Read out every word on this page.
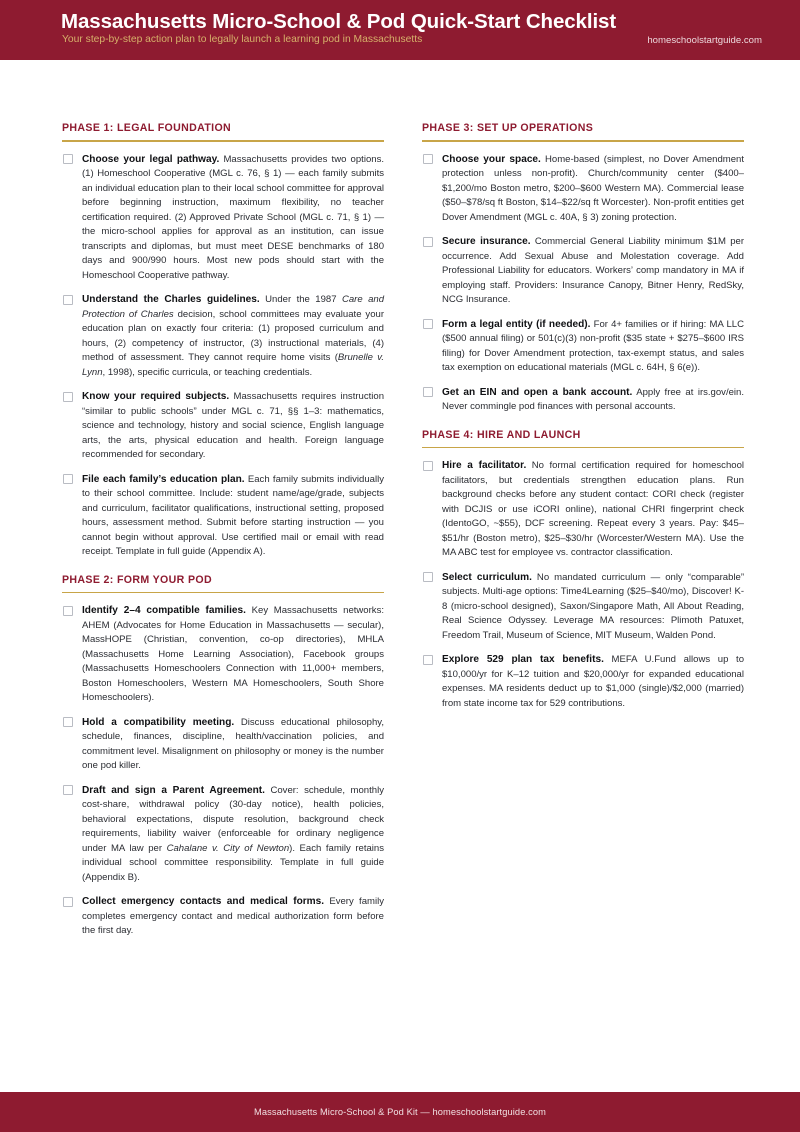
Massachusetts Micro-School & Pod Quick-Start Checklist
Your step-by-step action plan to legally launch a learning pod in Massachusetts	homeschoolstartguide.com
PHASE 1: LEGAL FOUNDATION
Choose your legal pathway. Massachusetts provides two options. (1) Homeschool Cooperative (MGL c. 76, § 1) — each family submits an individual education plan to their local school committee for approval before beginning instruction, maximum flexibility, no teacher certification required. (2) Approved Private School (MGL c. 71, § 1) — the micro-school applies for approval as an institution, can issue transcripts and diplomas, but must meet DESE benchmarks of 180 days and 900/990 hours. Most new pods should start with the Homeschool Cooperative pathway.
Understand the Charles guidelines. Under the 1987 Care and Protection of Charles decision, school committees may evaluate your education plan on exactly four criteria: (1) proposed curriculum and hours, (2) competency of instructor, (3) instructional materials, (4) method of assessment. They cannot require home visits (Brunelle v. Lynn, 1998), specific curricula, or teaching credentials.
Know your required subjects. Massachusetts requires instruction “similar to public schools” under MGL c. 71, §§ 1–3: mathematics, science and technology, history and social science, English language arts, the arts, physical education and health. Foreign language recommended for secondary.
File each family’s education plan. Each family submits individually to their school committee. Include: student name/age/grade, subjects and curriculum, facilitator qualifications, instructional setting, proposed hours, assessment method. Submit before starting instruction — you cannot begin without approval. Use certified mail or email with read receipt. Template in full guide (Appendix A).
PHASE 2: FORM YOUR POD
Identify 2–4 compatible families. Key Massachusetts networks: AHEM (Advocates for Home Education in Massachusetts — secular), MassHOPE (Christian, convention, co-op directories), MHLA (Massachusetts Home Learning Association), Facebook groups (Massachusetts Homeschoolers Connection with 11,000+ members, Boston Homeschoolers, Western MA Homeschoolers, South Shore Homeschoolers).
Hold a compatibility meeting. Discuss educational philosophy, schedule, finances, discipline, health/vaccination policies, and commitment level. Misalignment on philosophy or money is the number one pod killer.
Draft and sign a Parent Agreement. Cover: schedule, monthly cost-share, withdrawal policy (30-day notice), health policies, behavioral expectations, dispute resolution, background check requirements, liability waiver (enforceable for ordinary negligence under MA law per Cahalane v. City of Newton). Each family retains individual school committee responsibility. Template in full guide (Appendix B).
Collect emergency contacts and medical forms. Every family completes emergency contact and medical authorization form before the first day.
PHASE 3: SET UP OPERATIONS
Choose your space. Home-based (simplest, no Dover Amendment protection unless non-profit). Church/community center ($400–$1,200/mo Boston metro, $200–$600 Western MA). Commercial lease ($50–$78/sq ft Boston, $14–$22/sq ft Worcester). Non-profit entities get Dover Amendment (MGL c. 40A, § 3) zoning protection.
Secure insurance. Commercial General Liability minimum $1M per occurrence. Add Sexual Abuse and Molestation coverage. Add Professional Liability for educators. Workers’ comp mandatory in MA if employing staff. Providers: Insurance Canopy, Bitner Henry, RedSky, NCG Insurance.
Form a legal entity (if needed). For 4+ families or if hiring: MA LLC ($500 annual filing) or 501(c)(3) non-profit ($35 state + $275–$600 IRS filing) for Dover Amendment protection, tax-exempt status, and sales tax exemption on educational materials (MGL c. 64H, § 6(e)).
Get an EIN and open a bank account. Apply free at irs.gov/ein. Never commingle pod finances with personal accounts.
PHASE 4: HIRE AND LAUNCH
Hire a facilitator. No formal certification required for homeschool facilitators, but credentials strengthen education plans. Run background checks before any student contact: CORI check (register with DCJIS or use iCORI online), national CHRI fingerprint check (IdentoGO, ~$55), DCF screening. Repeat every 3 years. Pay: $45–$51/hr (Boston metro), $25–$30/hr (Worcester/Western MA). Use the MA ABC test for employee vs. contractor classification.
Select curriculum. No mandated curriculum — only “comparable” subjects. Multi-age options: Time4Learning ($25–$40/mo), Discover! K-8 (micro-school designed), Saxon/Singapore Math, All About Reading, Real Science Odyssey. Leverage MA resources: Plimoth Patuxet, Freedom Trail, Museum of Science, MIT Museum, Walden Pond.
Explore 529 plan tax benefits. MEFA U.Fund allows up to $10,000/yr for K–12 tuition and $20,000/yr for expanded educational expenses. MA residents deduct up to $1,000 (single)/$2,000 (married) from state income tax for 529 contributions.
Massachusetts Micro-School & Pod Kit — homeschoolstartguide.com
